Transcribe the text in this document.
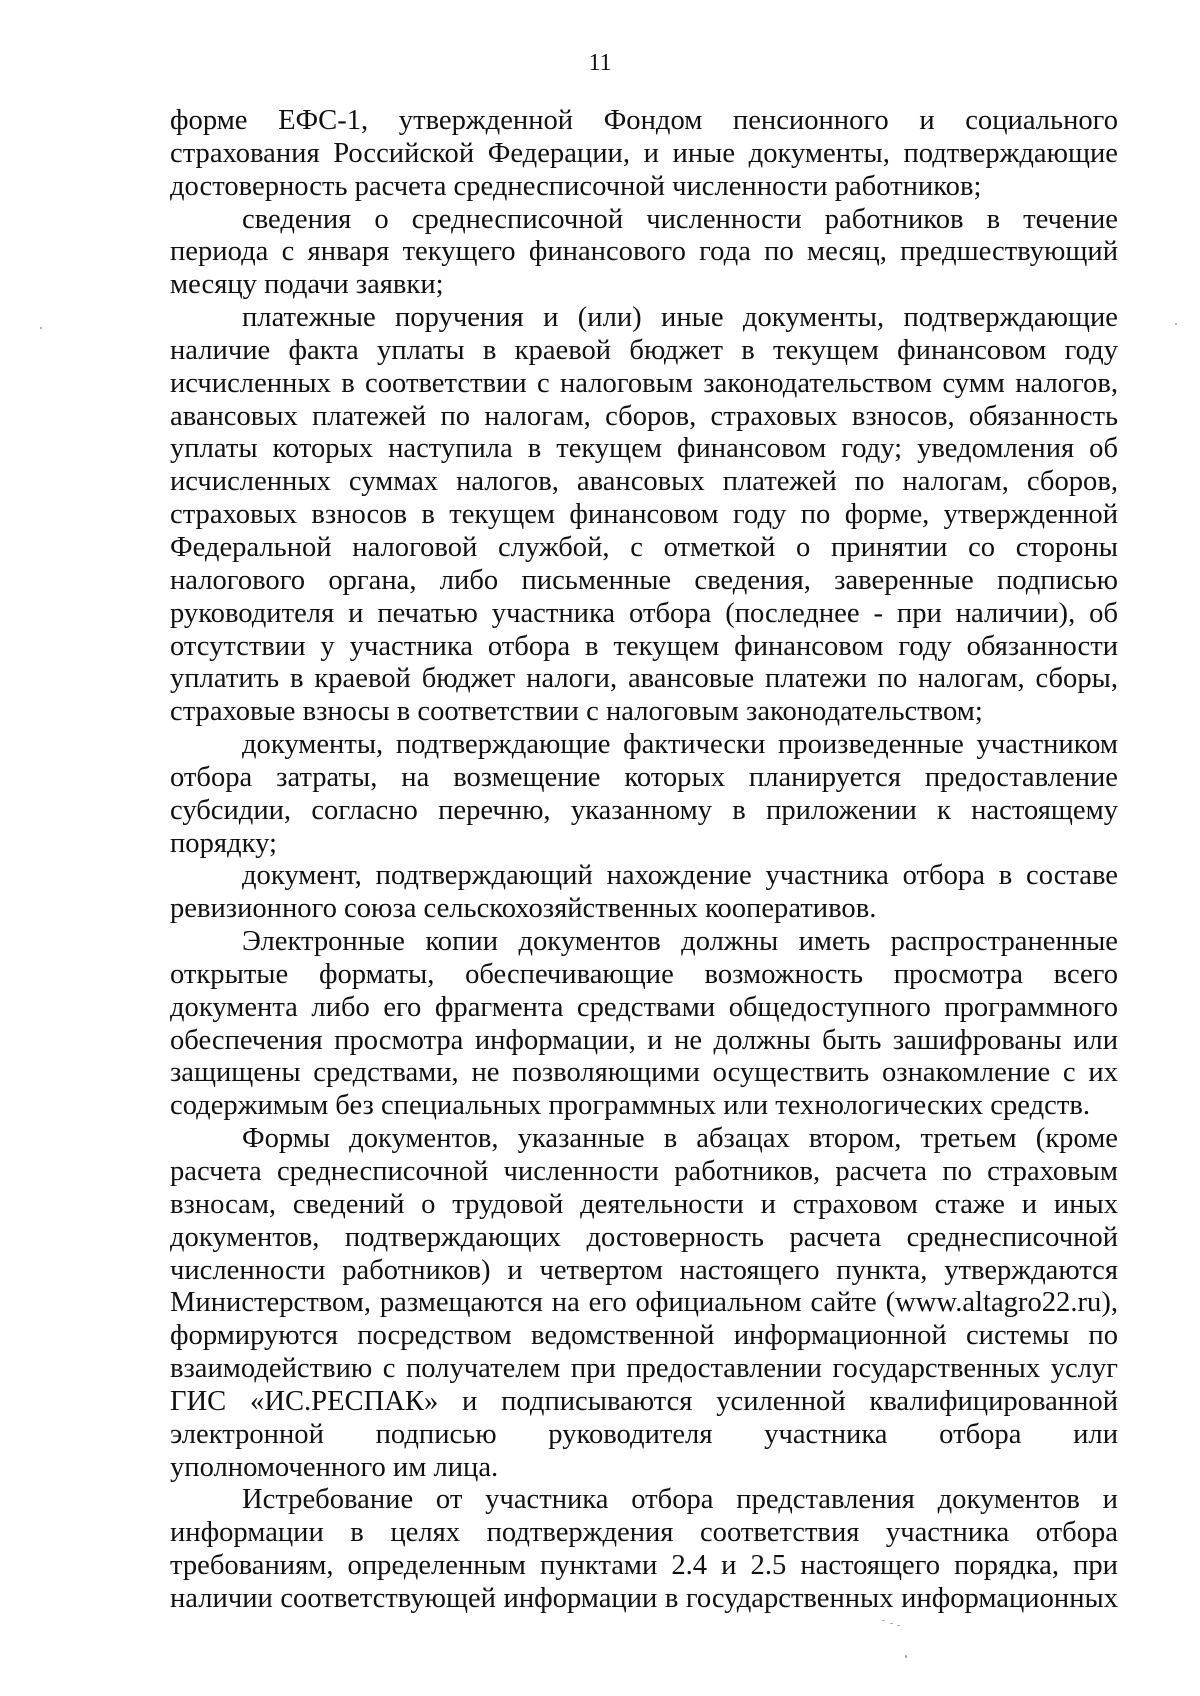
11

форме ЕФС-1, утвержденной Фондом пенсионного и социального страхования Российской Федерации, и иные документы, подтверждающие достоверность расчета среднесписочной численности работников;

сведения о среднесписочной численности работников в течение периода с января текущего финансового года по месяц, предшествующий месяцу подачи заявки;

платежные поручения и (или) иные документы, подтверждающие наличие факта уплаты в краевой бюджет в текущем финансовом году исчисленных в соответствии с налоговым законодательством сумм налогов, авансовых платежей по налогам, сборов, страховых взносов, обязанность уплаты которых наступила в текущем финансовом году; уведомления об исчисленных суммах налогов, авансовых платежей по налогам, сборов, страховых взносов в текущем финансовом году по форме, утвержденной Федеральной налоговой службой, с отметкой о принятии со стороны налогового органа, либо письменные сведения, заверенные подписью руководителя и печатью участника отбора (последнее - при наличии), об отсутствии у участника отбора в текущем финансовом году обязанности уплатить в краевой бюджет налоги, авансовые платежи по налогам, сборы, страховые взносы в соответствии с налоговым законодательством;

документы, подтверждающие фактически произведенные участником отбора затраты, на возмещение которых планируется предоставление субсидии, согласно перечню, указанному в приложении к настоящему порядку;

документ, подтверждающий нахождение участника отбора в составе ревизионного союза сельскохозяйственных кооперативов.

Электронные копии документов должны иметь распространенные открытые форматы, обеспечивающие возможность просмотра всего документа либо его фрагмента средствами общедоступного программного обеспечения просмотра информации, и не должны быть зашифрованы или защищены средствами, не позволяющими осуществить ознакомление с их содержимым без специальных программных или технологических средств.

Формы документов, указанные в абзацах втором, третьем (кроме расчета среднесписочной численности работников, расчета по страховым взносам, сведений о трудовой деятельности и страховом стаже и иных документов, подтверждающих достоверность расчета среднесписочной численности работников) и четвертом настоящего пункта, утверждаются Министерством, размещаются на его официальном сайте (www.altagro22.ru), формируются посредством ведомственной информационной системы по взаимодействию с получателем при предоставлении государственных услуг ГИС «ИС.РЕСПАК» и подписываются усиленной квалифицированной электронной подписью руководителя участника отбора или уполномоченного им лица.

Истребование от участника отбора представления документов и информации в целях подтверждения соответствия участника отбора требованиям, определенным пунктами 2.4 и 2.5 настоящего порядка, при наличии соответствующей информации в государственных информационных
